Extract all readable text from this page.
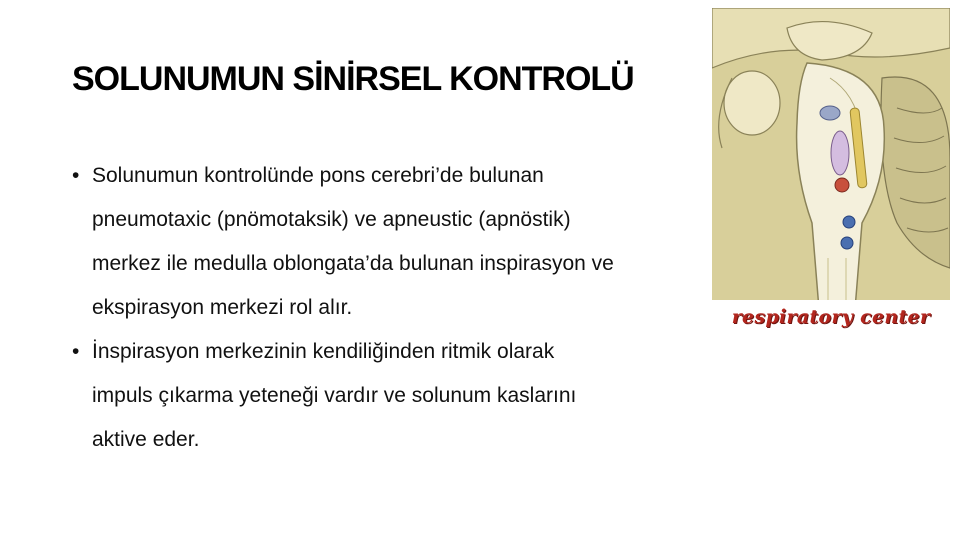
SOLUNUMUN SİNİRSEL KONTROLÜ
• Solunumun kontrolünde pons cerebri’de bulunan
pneumotaxic (pnömotaksik) ve apneustic (apnöstik)
merkez ile medulla oblongata’da bulunan inspirasyon ve
ekspirasyon merkezi rol alır.
• İnspirasyon merkezinin kendiliğinden ritmik olarak
impuls çıkarma yeteneği vardır ve solunum kaslarını
aktive eder.
respiratory center
